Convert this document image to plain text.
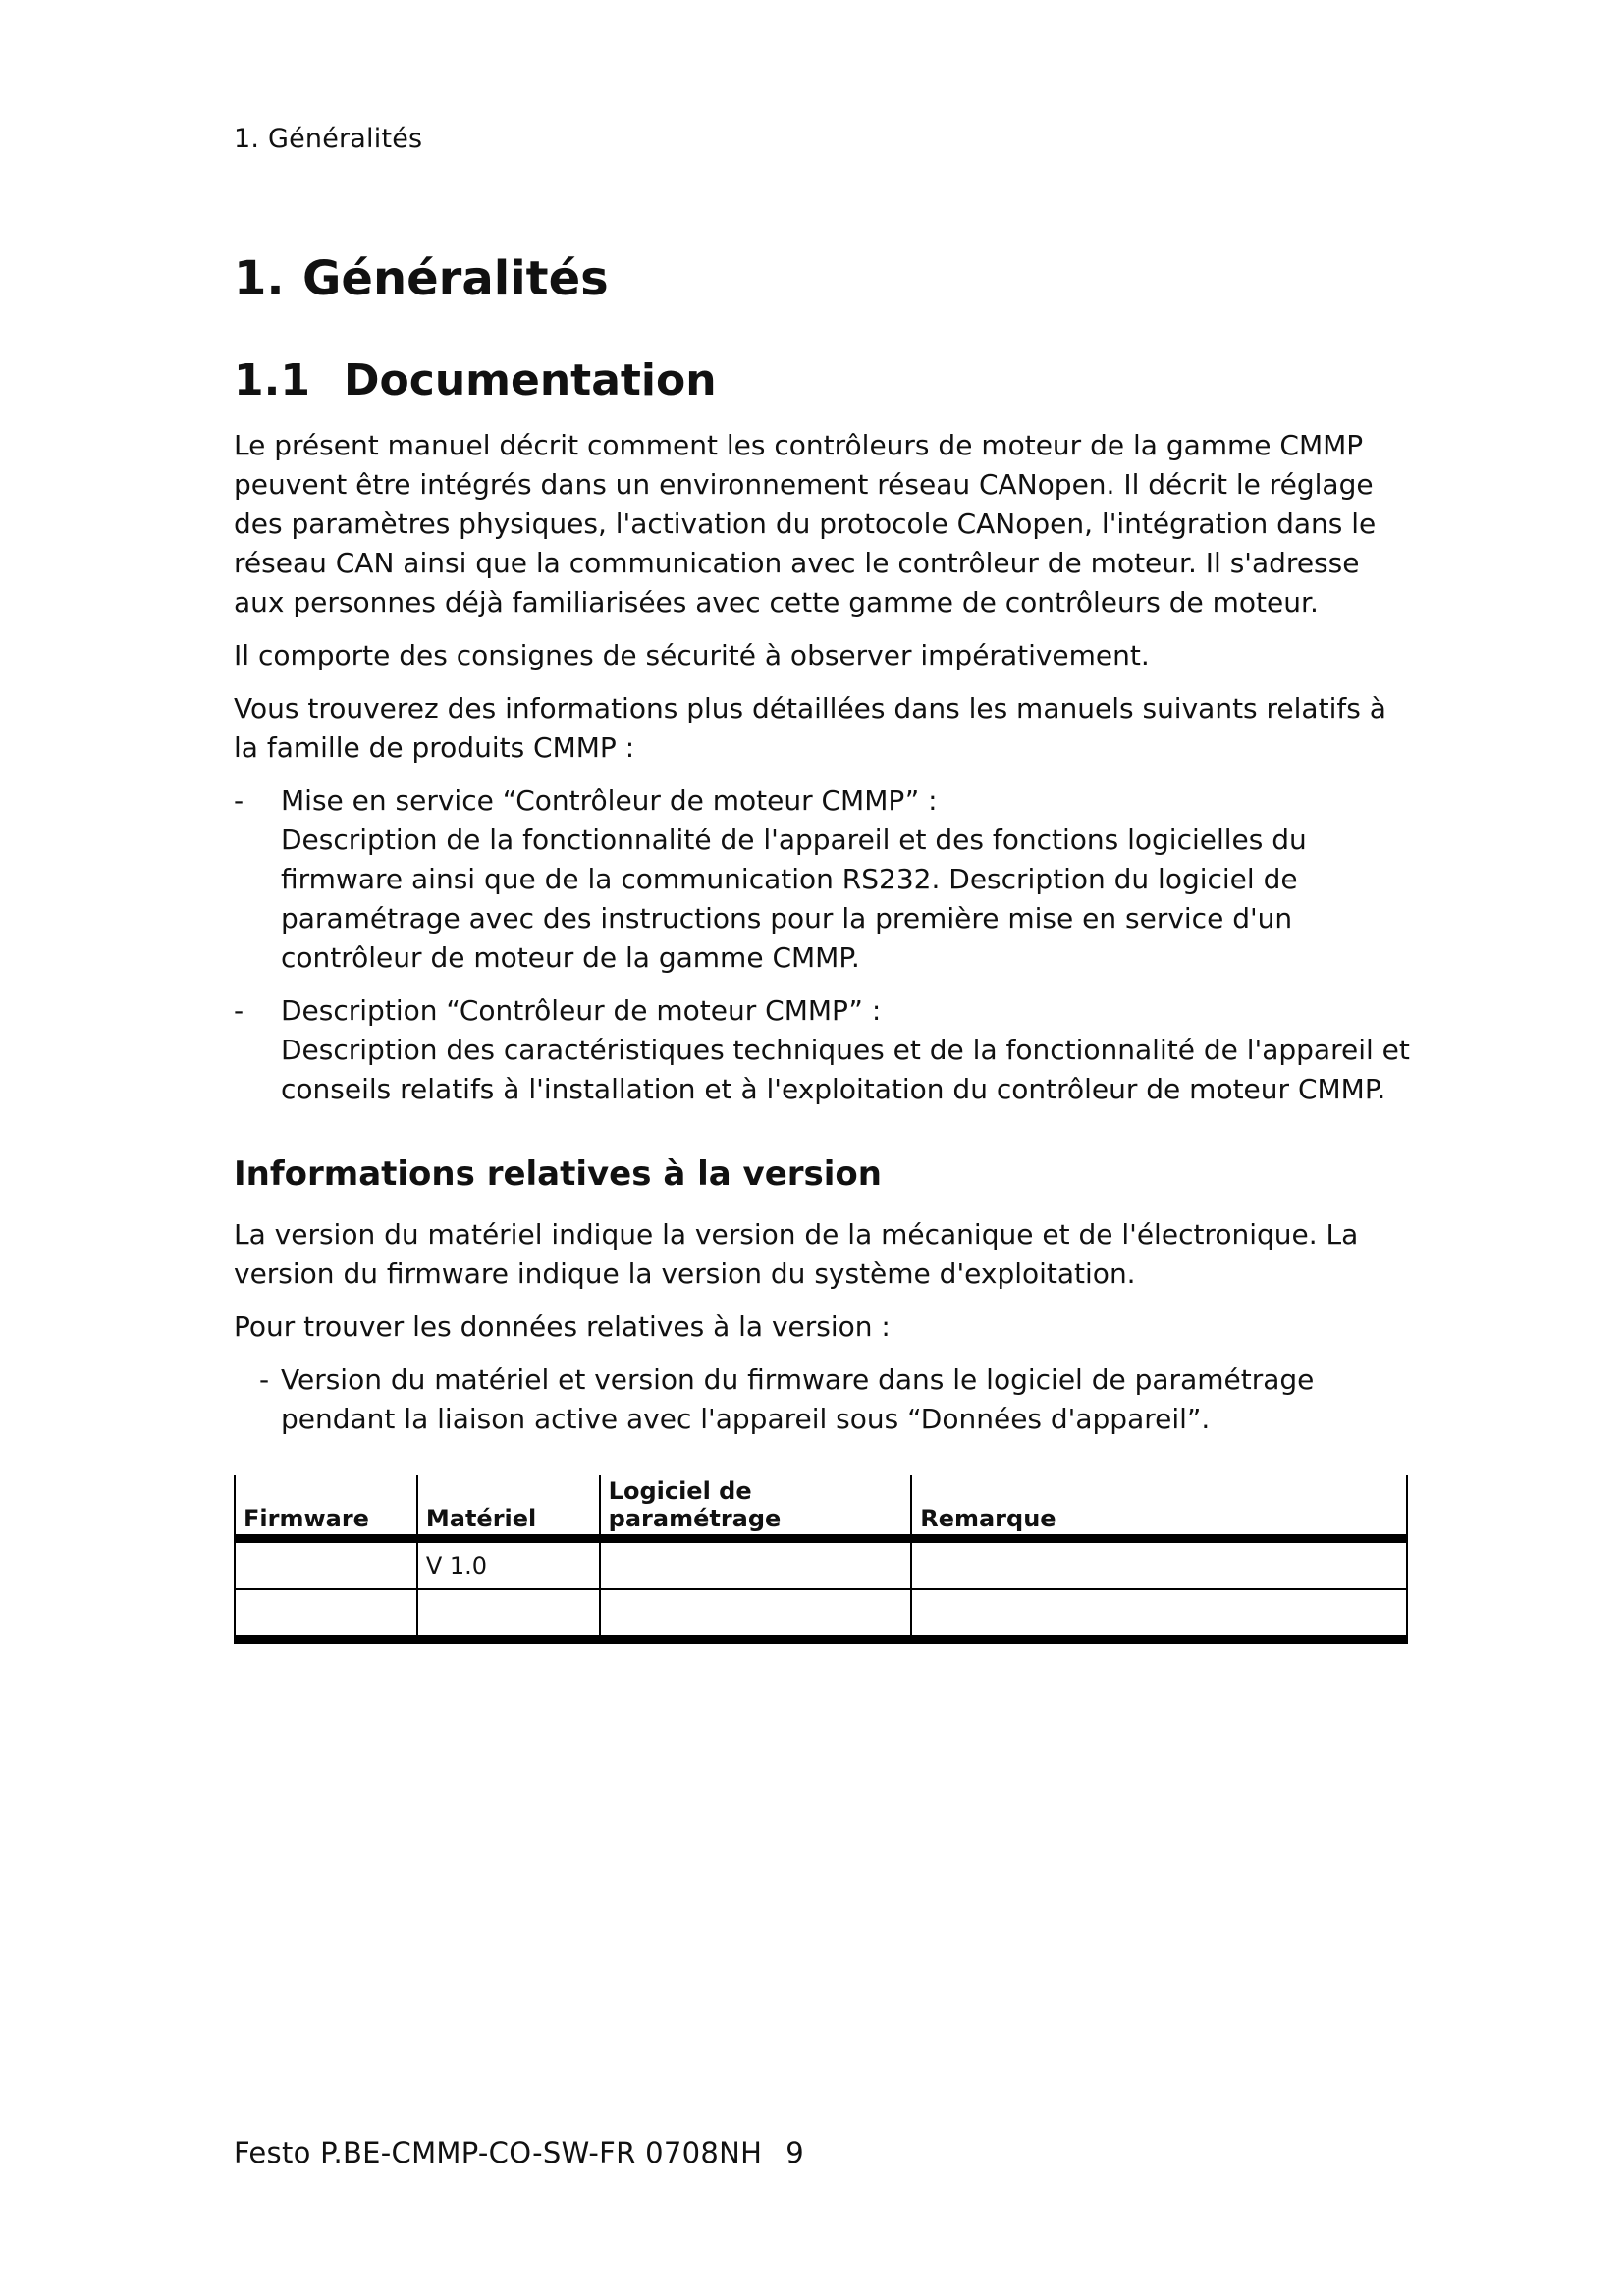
1. Généralités
1. Généralités
1.1 Documentation

Le présent manuel décrit comment les contrôleurs de moteur de la gamme CMMP peuvent être intégrés dans un environnement réseau CANopen. Il décrit le réglage des paramètres physiques, l'activation du protocole CANopen, l'intégration dans le réseau CAN ainsi que la communication avec le contrôleur de moteur. Il s'adresse aux personnes déjà familiarisées avec cette gamme de contrôleurs de moteur.

Il comporte des consignes de sécurité à observer impérativement.

Vous trouverez des informations plus détaillées dans les manuels suivants relatifs à la famille de produits CMMP :

- Mise en service “Contrôleur de moteur CMMP” :
Description de la fonctionnalité de l'appareil et des fonctions logicielles du firmware ainsi que de la communication RS232. Description du logiciel de paramétrage avec des instructions pour la première mise en service d'un contrôleur de moteur de la gamme CMMP.
- Description “Contrôleur de moteur CMMP” :
Description des caractéristiques techniques et de la fonctionnalité de l'appareil et conseils relatifs à l'installation et à l'exploitation du contrôleur de moteur CMMP.
Informations relatives à la version

La version du matériel indique la version de la mécanique et de l'électronique. La version du firmware indique la version du système d'exploitation.

Pour trouver les données relatives à la version :

- Version du matériel et version du firmware dans le logiciel de paramétrage pendant la liaison active avec l'appareil sous “Données d'appareil”.
Firmware	Matériel	Logiciel de paramétrage	Remarque
	V 1.0		

Festo P.BE-CMMP-CO-SW-FR 0708NH 9
